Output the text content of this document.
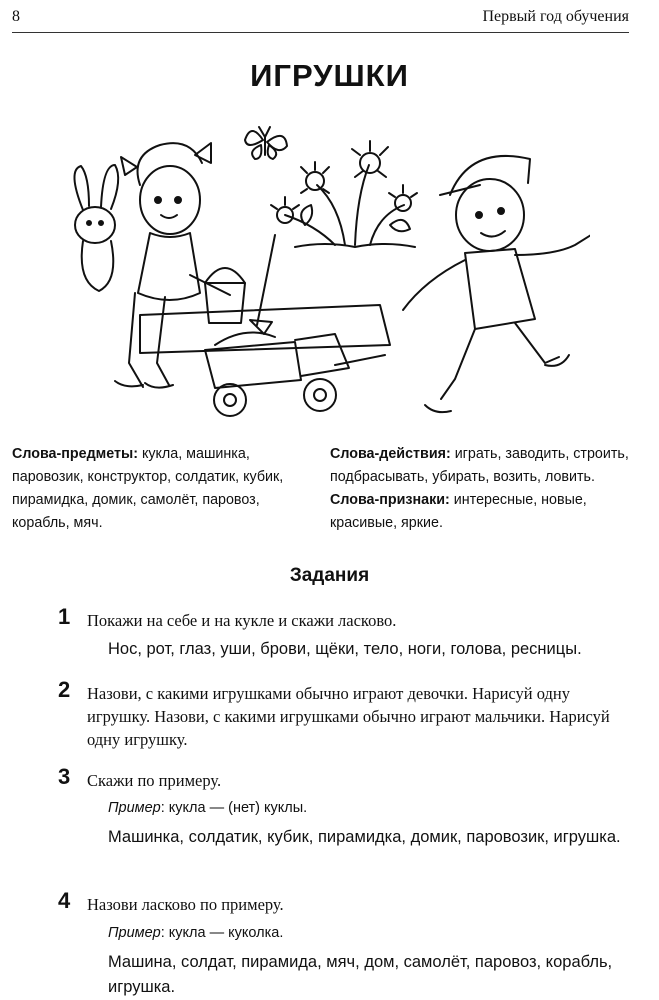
8	Первый год обучения
ИГРУШКИ
Слова-предметы: кукла, машинка, паровозик, конструктор, солдатик, кубик, пирамидка, домик, самолёт, паровоз, корабль, мяч.
Слова-действия: играть, заводить, строить, подбрасывать, убирать, возить, ловить.
Слова-признаки: интересные, новые, красивые, яркие.
Задания
1 Покажи на себе и на кукле и скажи ласково.
Нос, рот, глаз, уши, брови, щёки, тело, ноги, голова, ресницы.
2 Назови, с какими игрушками обычно играют девочки. Нарисуй одну игрушку. Назови, с какими игрушками обычно играют мальчики. Нарисуй одну игрушку.
3 Скажи по примеру.
Пример: кукла — (нет) куклы.
Машинка, солдатик, кубик, пирамидка, домик, паровозик, игрушка.
4 Назови ласково по примеру.
Пример: кукла — куколка.
Машина, солдат, пирамида, мяч, дом, самолёт, паровоз, корабль, игрушка.
